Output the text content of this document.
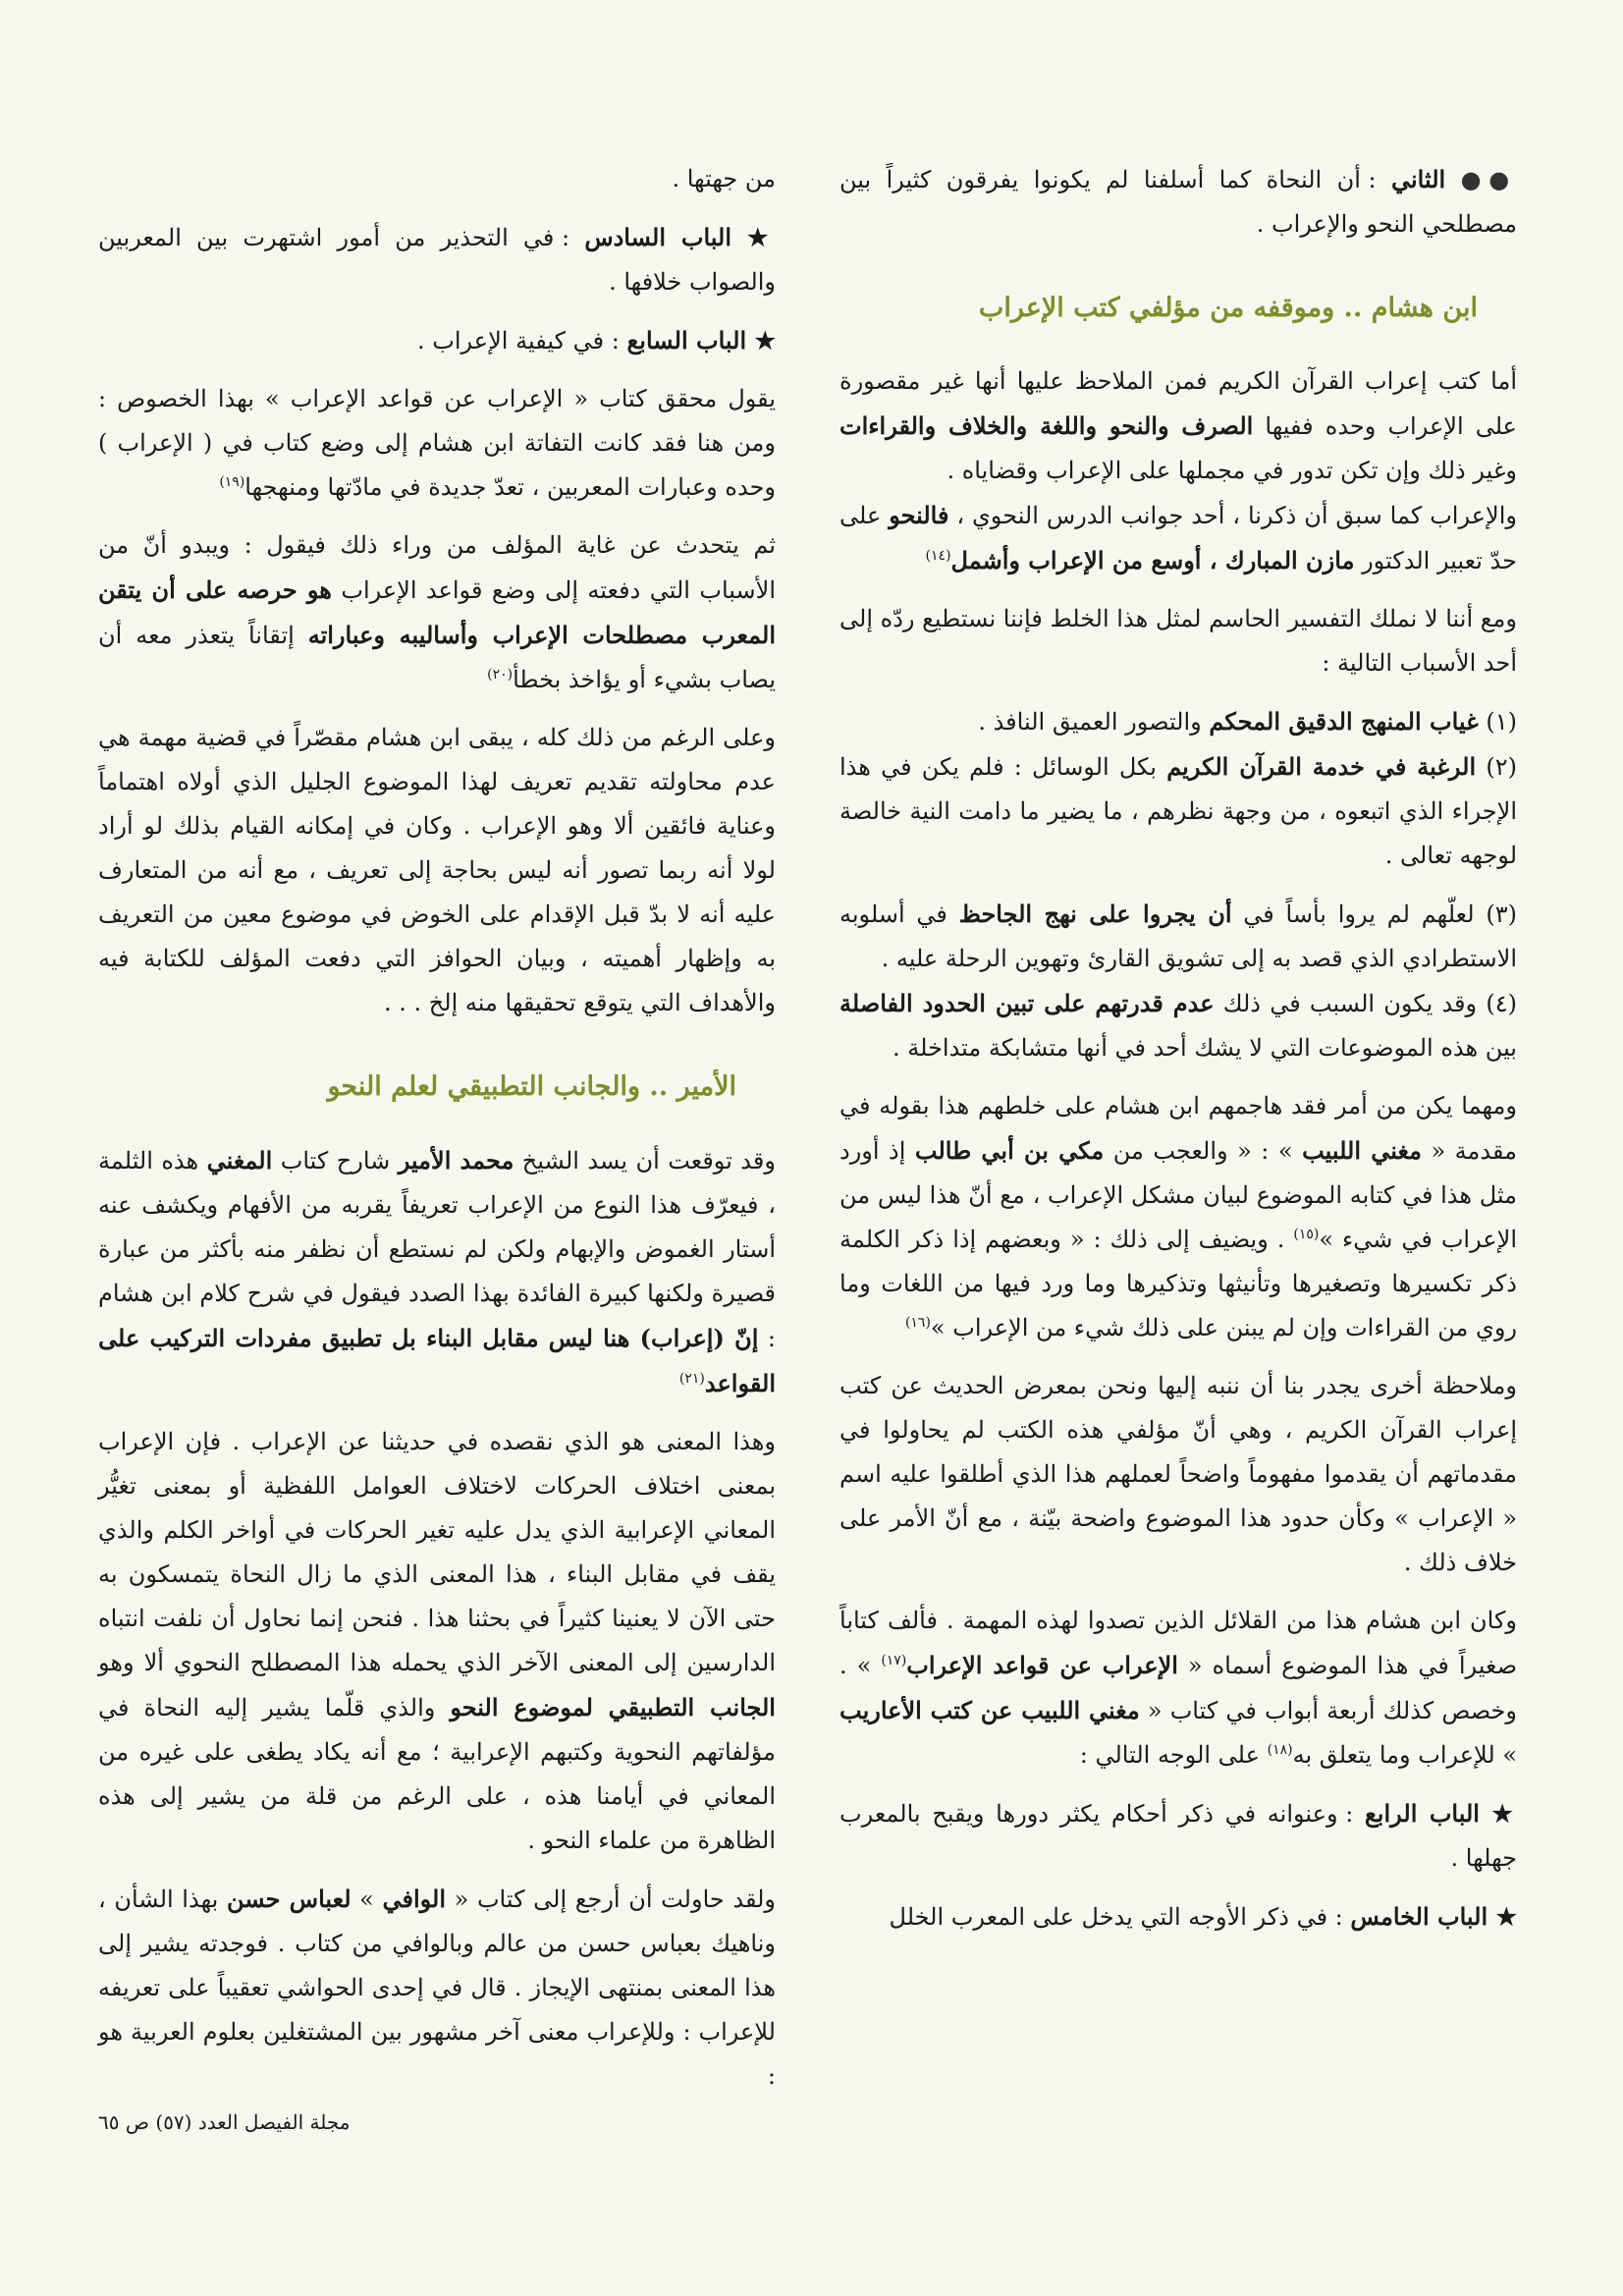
●● الثاني : أن النحاة كما أسلفنا لم يكونوا يفرقون كثيراً بين مصطلحي النحو والإعراب .

ابن هشام .. وموقفه من مؤلفي كتب الإعراب

أما كتب إعراب القرآن الكريم فمن الملاحظ عليها أنها غير مقصورة على الإعراب وحده ففيها الصرف والنحو واللغة والخلاف والقراءات وغير ذلك وإن تكن تدور في مجملها على الإعراب وقضاياه .
والإعراب كما سبق أن ذكرنا ، أحد جوانب الدرس النحوي ، فالنحو على حدّ تعبير الدكتور مازن المبارك ، أوسع من الإعراب وأشمل$^{(١٤)}$

ومع أننا لا نملك التفسير الحاسم لمثل هذا الخلط فإننا نستطيع ردّه إلى أحد الأسباب التالية :

(١) غياب المنهج الدقيق المحكم والتصور العميق النافذ .
(٢) الرغبة في خدمة القرآن الكريم بكل الوسائل : فلم يكن في هذا الإجراء الذي اتبعوه ، من وجهة نظرهم ، ما يضير ما دامت النية خالصة لوجهه تعالى .

(٣) لعلّهم لم يروا بأساً في أن يجروا على نهج الجاحظ في أسلوبه الاستطرادي الذي قصد به إلى تشويق القارئ وتهوين الرحلة عليه .
(٤) وقد يكون السبب في ذلك عدم قدرتهم على تبين الحدود الفاصلة بين هذه الموضوعات التي لا يشك أحد في أنها متشابكة متداخلة .

ومهما يكن من أمر فقد هاجمهم ابن هشام على خلطهم هذا بقوله في مقدمة « مغني اللبيب » : « والعجب من مكي بن أبي طالب إذ أورد مثل هذا في كتابه الموضوع لبيان مشكل الإعراب ، مع أنّ هذا ليس من الإعراب في شيء »$^{(١٥)}$ . ويضيف إلى ذلك : « وبعضهم إذا ذكر الكلمة ذكر تكسيرها وتصغيرها وتأنيثها وتذكيرها وما ورد فيها من اللغات وما روي من القراءات وإن لم يبنن على ذلك شيء من الإعراب »$^{(١٦)}$

وملاحظة أخرى يجدر بنا أن ننبه إليها ونحن بمعرض الحديث عن كتب إعراب القرآن الكريم ، وهي أنّ مؤلفي هذه الكتب لم يحاولوا في مقدماتهم أن يقدموا مفهوماً واضحاً لعملهم هذا الذي أطلقوا عليه اسم « الإعراب » وكأن حدود هذا الموضوع واضحة بيّنة ، مع أنّ الأمر على خلاف ذلك .

وكان ابن هشام هذا من القلائل الذين تصدوا لهذه المهمة . فألف كتاباً صغيراً في هذا الموضوع أسماه « الإعراب عن قواعد الإعراب$^{(١٧)}$ » . وخصص كذلك أربعة أبواب في كتاب « مغني اللبيب عن كتب الأعاريب » للإعراب وما يتعلق به$^{(١٨)}$ على الوجه التالي :

★ الباب الرابع : وعنوانه في ذكر أحكام يكثر دورها ويقبح بالمعرب جهلها .

★ الباب الخامس : في ذكر الأوجه التي يدخل على المعرب الخلل

من جهتها .

★ الباب السادس : في التحذير من أمور اشتهرت بين المعربين والصواب خلافها .

★ الباب السابع : في كيفية الإعراب .

يقول محقق كتاب « الإعراب عن قواعد الإعراب » بهذا الخصوص : ومن هنا فقد كانت التفاتة ابن هشام إلى وضع كتاب في ( الإعراب ) وحده وعبارات المعربين ، تعدّ جديدة في مادّتها ومنهجها$^{(١٩)}$

ثم يتحدث عن غاية المؤلف من وراء ذلك فيقول : ويبدو أنّ من الأسباب التي دفعته إلى وضع قواعد الإعراب هو حرصه على أن يتقن المعرب مصطلحات الإعراب وأساليبه وعباراته إتقاناً يتعذر معه أن يصاب بشيء أو يؤاخذ بخطأ$^{(٢٠)}$

وعلى الرغم من ذلك كله ، يبقى ابن هشام مقصّراً في قضية مهمة هي عدم محاولته تقديم تعريف لهذا الموضوع الجليل الذي أولاه اهتماماً وعناية فائقين ألا وهو الإعراب . وكان في إمكانه القيام بذلك لو أراد لولا أنه ربما تصور أنه ليس بحاجة إلى تعريف ، مع أنه من المتعارف عليه أنه لا بدّ قبل الإقدام على الخوض في موضوع معين من التعريف به وإظهار أهميته ، وبيان الحوافز التي دفعت المؤلف للكتابة فيه والأهداف التي يتوقع تحقيقها منه إلخ . . .

الأمير .. والجانب التطبيقي لعلم النحو

وقد توقعت أن يسد الشيخ محمد الأمير شارح كتاب المغني هذه الثلمة ، فيعرّف هذا النوع من الإعراب تعريفاً يقربه من الأفهام ويكشف عنه أستار الغموض والإبهام ولكن لم نستطع أن نظفر منه بأكثر من عبارة قصيرة ولكنها كبيرة الفائدة بهذا الصدد فيقول في شرح كلام ابن هشام : إنّ (إعراب) هنا ليس مقابل البناء بل تطبيق مفردات التركيب على القواعد$^{(٢١)}$

وهذا المعنى هو الذي نقصده في حديثنا عن الإعراب . فإن الإعراب بمعنى اختلاف الحركات لاختلاف العوامل اللفظية أو بمعنى تغيُّر المعاني الإعرابية الذي يدل عليه تغير الحركات في أواخر الكلم والذي يقف في مقابل البناء ، هذا المعنى الذي ما زال النحاة يتمسكون به حتى الآن لا يعنينا كثيراً في بحثنا هذا . فنحن إنما نحاول أن نلفت انتباه الدارسين إلى المعنى الآخر الذي يحمله هذا المصطلح النحوي ألا وهو الجانب التطبيقي لموضوع النحو والذي قلّما يشير إليه النحاة في مؤلفاتهم النحوية وكتبهم الإعرابية ؛ مع أنه يكاد يطغى على غيره من المعاني في أيامنا هذه ، على الرغم من قلة من يشير إلى هذه الظاهرة من علماء النحو .

ولقد حاولت أن أرجع إلى كتاب « الوافي » لعباس حسن بهذا الشأن ، وناهيك بعباس حسن من عالم وبالوافي من كتاب . فوجدته يشير إلى هذا المعنى بمنتهى الإيجاز . قال في إحدى الحواشي تعقيباً على تعريفه للإعراب : وللإعراب معنى آخر مشهور بين المشتغلين بعلوم العربية هو :

مجلة الفيصل العدد (٥٧) ص ٦٥
